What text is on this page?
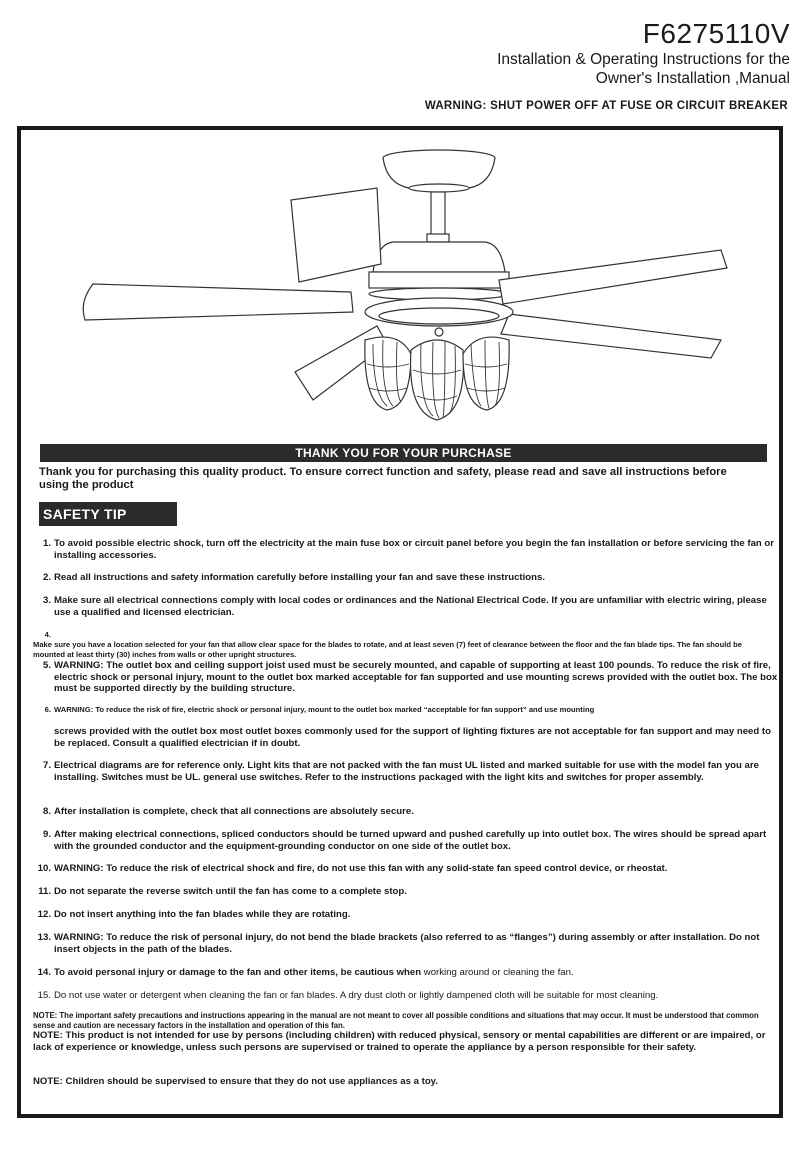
F6275110V
Installation & Operating Instructions for the
Owner's Installation ,Manual
WARNING: SHUT POWER OFF AT FUSE OR CIRCUIT BREAKER
THANK YOU FOR YOUR PURCHASE
Thank you for purchasing this quality product. To ensure correct function and safety, please read and save all instructions before using the product
SAFETY TIP
1. To avoid possible electric shock, turn off the electricity at the main fuse box or circuit panel before you begin the fan installation or before servicing the fan or installing accessories.
2. Read all instructions and safety information carefully before installing your fan and save these instructions.
3. Make sure all electrical connections comply with local codes or ordinances and the National Electrical Code. If you are unfamiliar with electric wiring, please use a qualified and licensed electrician.
4.Make sure you have a location selected for your fan that allow clear space for the blades to rotate, and at least seven (7) feet of clearance between the floor and the fan blade tips. The fan should be mounted at least thirty (30) inches from walls or other upright structures.
5. WARNING: The outlet box and ceiling support joist used must be securely mounted, and capable of supporting at least 100 pounds. To reduce the risk of fire, electric shock or personal injury, mount to the outlet box marked acceptable for fan supported and use mounting screws provided with the outlet box. The box must be supported directly by the building structure.
6. WARNING: To reduce the risk of fire, electric shock or personal injury, mount to the outlet box marked “acceptable for fan support” and use mounting
screws provided with the outlet box most outlet boxes commonly used for the support of lighting fixtures are not acceptable for fan support and may need to be replaced. Consult a qualified electrician if in doubt.
7. Electrical diagrams are for reference only. Light kits that are not packed with the fan must UL listed and marked suitable for use with the model fan you are installing. Switches must be UL. general use switches. Refer to the instructions packaged with the light kits and switches for proper assembly.
8. After installation is complete, check that all connections are absolutely secure.
9. After making electrical connections, spliced conductors should be turned upward and pushed carefully up into outlet box. The wires should be spread apart with the grounded conductor and the equipment-grounding conductor on one side of the outlet box.
10. WARNING: To reduce the risk of electrical shock and fire, do not use this fan with any solid-state fan speed control device, or rheostat.
11. Do not separate the reverse switch until the fan has come to a complete stop.
12. Do not insert anything into the fan blades while they are rotating.
13. WARNING: To reduce the risk of personal injury, do not bend the blade brackets (also referred to as “flanges”) during assembly or after installation. Do not insert objects in the path of the blades.
14. To avoid personal injury or damage to the fan and other items, be cautious when working around or cleaning the fan.
15. Do not use water or detergent when cleaning the fan or fan blades. A dry dust cloth or lightly dampened cloth will be suitable for most cleaning.
NOTE: The important safety precautions and instructions appearing in the manual are not meant to cover all possible conditions and situations that may occur. It must be understood that common sense and caution are necessary factors in the installation and operation of this fan.
NOTE: This product is not intended for use by persons (including children) with reduced physical, sensory or mental capabilities are different or are impaired, or lack of experience or knowledge, unless such persons are supervised or trained to operate the appliance by a person responsible for their safety.
NOTE: Children should be supervised to ensure that they do not use appliances as a toy.
